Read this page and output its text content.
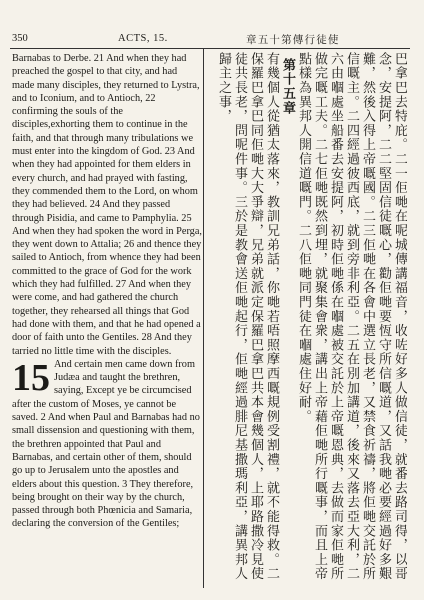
350	ACTS, 15.	章五十第傳行徒使

Barnabas to Derbe. 21 And when they had preached the gospel to that city, and had made many disciples, they returned to Lystra, and to Iconium, and to Antioch, 22 confirming the souls of the disciples,exhorting them to continue in the faith, and that through many tribulations we must enter into the kingdom of God. 23 And when they had appointed for them elders in every church, and had prayed with fasting, they commended them to the Lord, on whom they had believed. 24 And they passed through Pisidia, and came to Pamphylia. 25 And when they had spoken the word in Perga, they went down to Attalia; 26 and thence they sailed to Antioch, from whence they had been committed to the grace of God for the work which they had fulfilled. 27 And when they were come, and had gathered the church together, they rehearsed all things that God had done with them, and that he had opened a door of faith unto the Gentiles. 28 And they tarried no little time with the disciples.

15 And certain men came down from Judæa and taught the brethren, saying, Except ye be circumcised after the custom of Moses, ye cannot be saved. 2 And when Paul and Barnabas had no small dissension and questioning with them, the brethren appointed that Paul and Barnabas, and certain other of them, should go up to Jerusalem unto the apostles and elders about this question. 3 They therefore, being brought on their way by the church, passed through both Phœnicia and Samaria, declaring the conversion of the Gentiles;	巴拿巴去特庇。二一佢哋在呢城傳講福音，收咗好多人做信徒，就番去路司得，以哥念，安提阿，二二堅固信徒嘅心，勸佢哋要恆守所信嘅道，又話我哋必要經過好多艱難，然後入得上帝嘅國。二三佢哋在各會中選立長老，又禁食祈禱，將佢哋交託於所信嘅主。二四經過彼西底，就到旁非利亞。二五在別加講道，後來又落去亞大利，二六由嗰處坐船番去安提阿，初時佢哋係在嗰處被交託於上帝嘅恩典，去做而家佢哋所做完嘅工夫。二七佢哋既然到埋，就聚集會衆，講出上帝藉佢哋所行嘅事，而且上帝點樣為異邦人開信道嘅門。二八佢哋同門徒在嗰處住好耐。
第十五章
有幾個人從猶太落來，教訓兄弟話，你哋若唔照摩西嘅規例受割禮，就不能得救。二保羅巴拿巴同佢哋大大爭辯，兄弟就派定保羅巴拿巴共本會幾個人，上耶路撒冷見使徒共長老，問呢件事。三於是教會送佢哋起行，佢哋經過腓尼基撒瑪利亞，講異邦人歸主之事，
